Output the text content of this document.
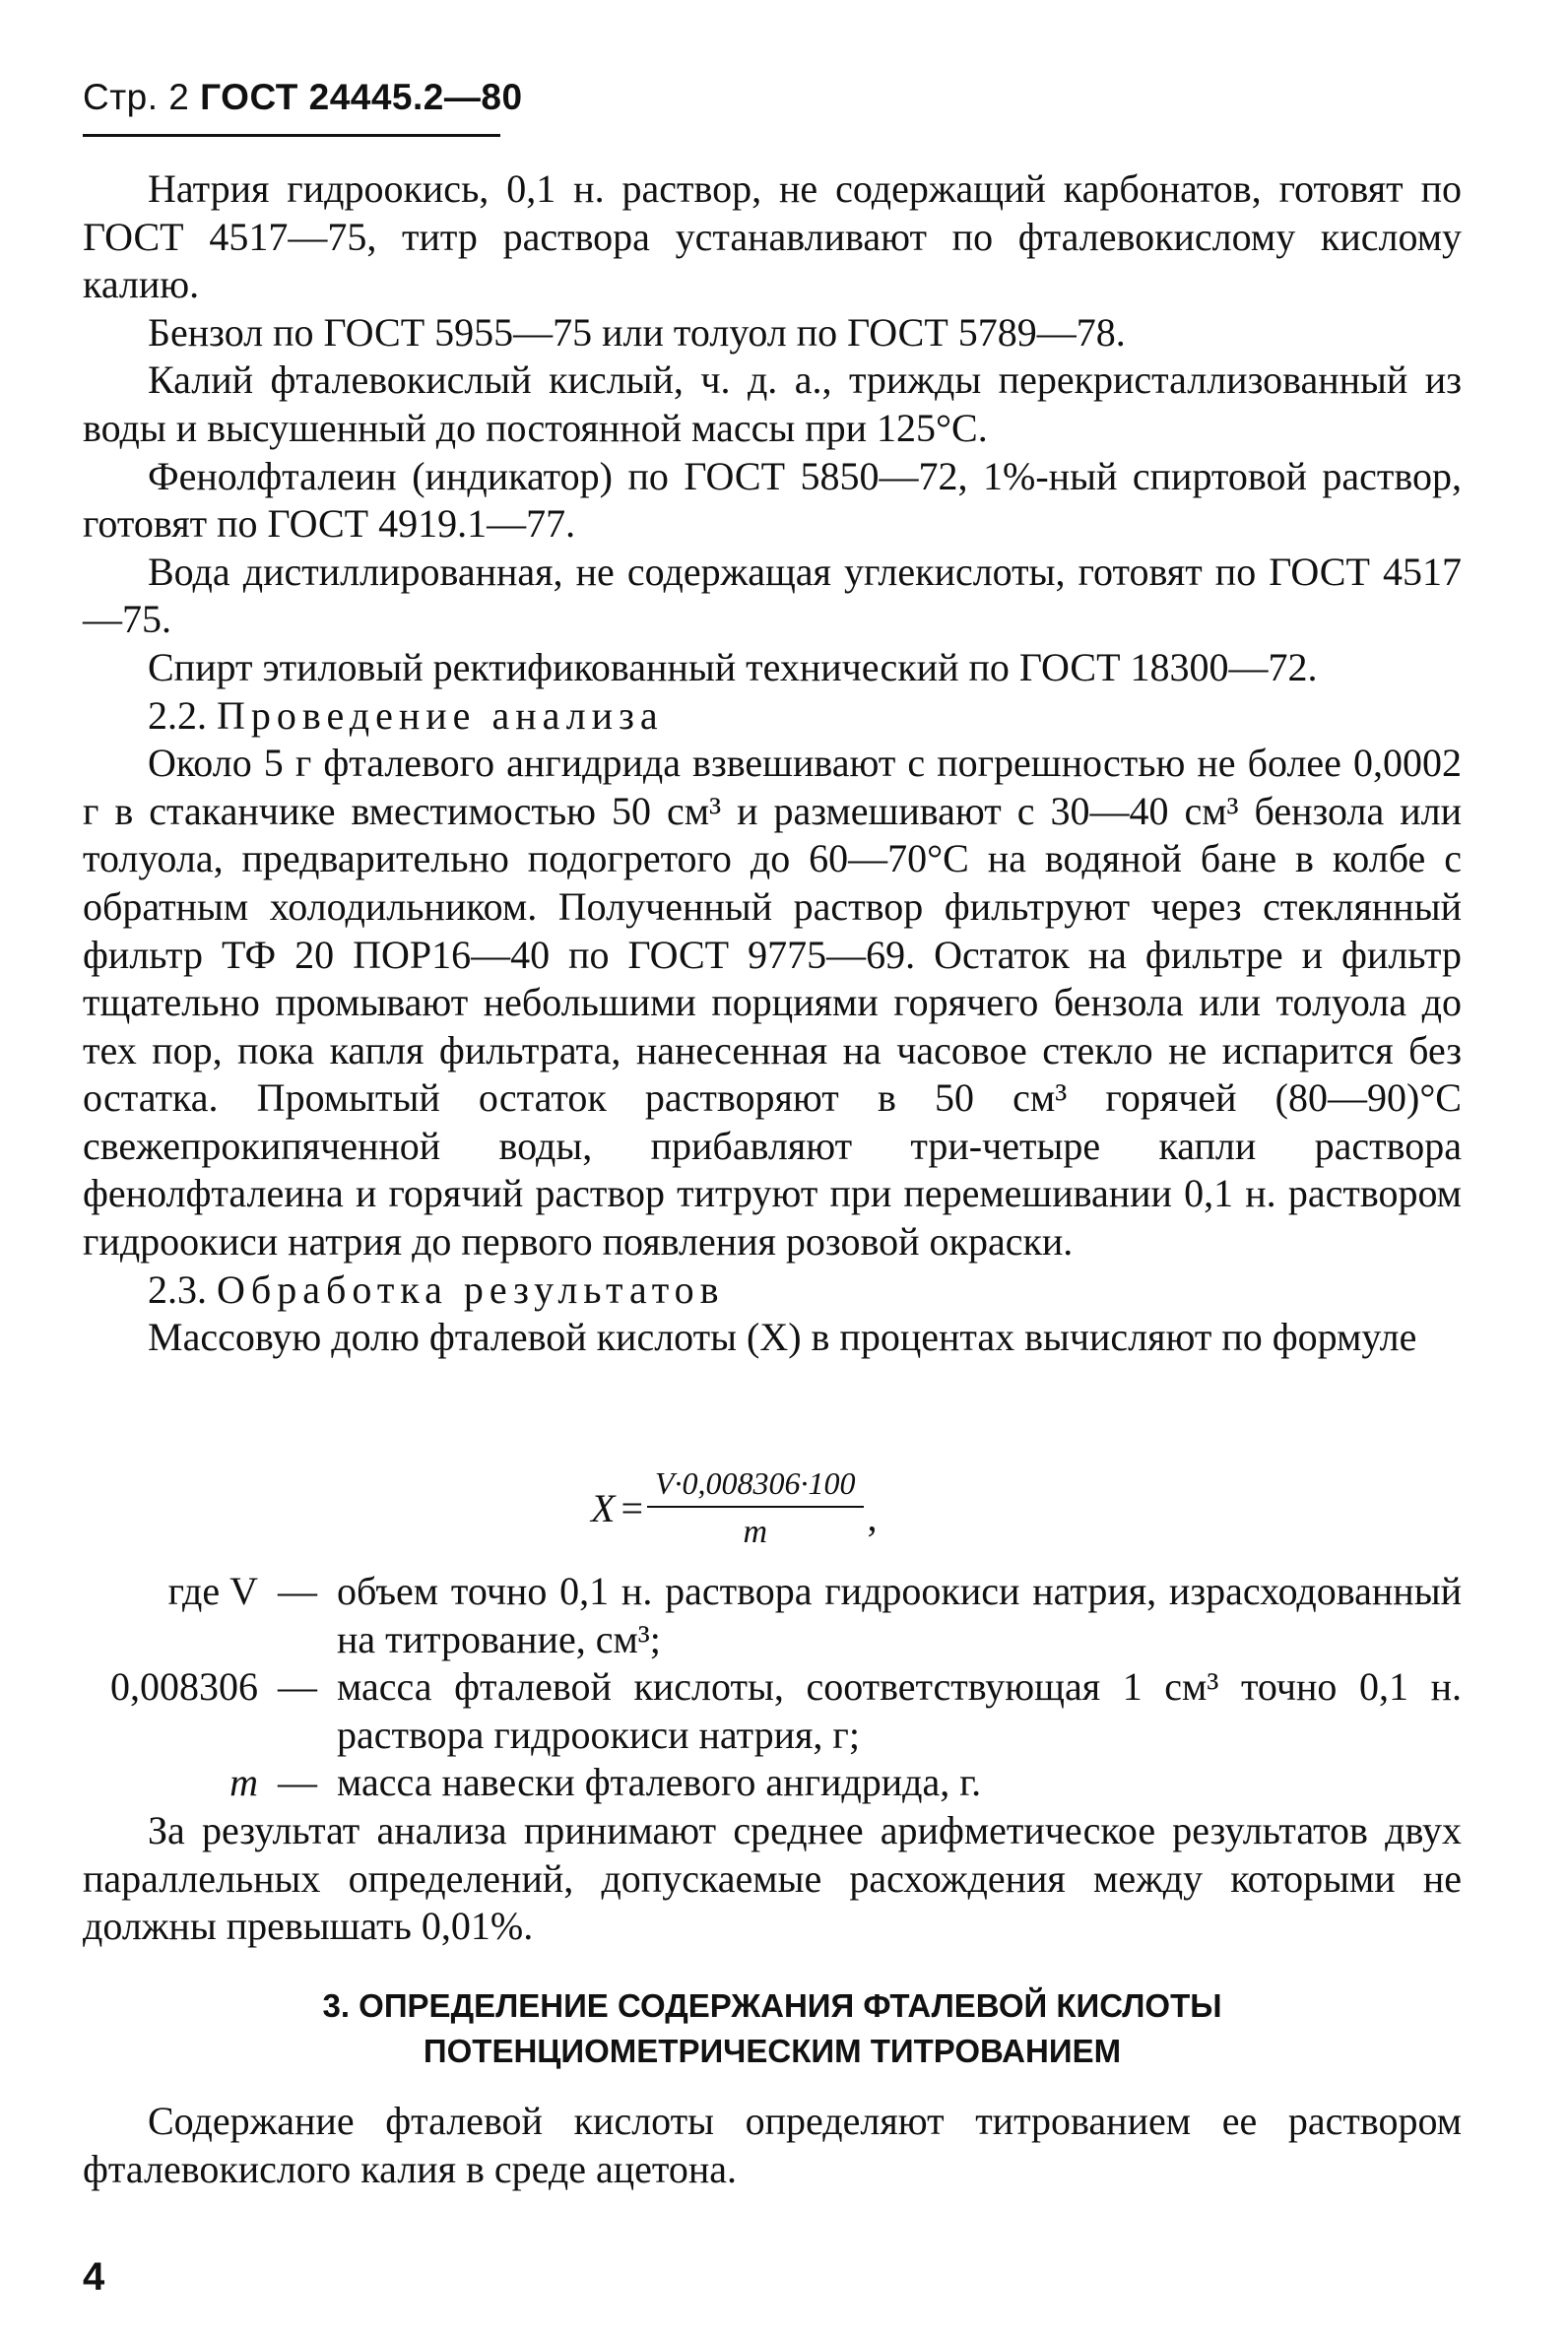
Стр. 2 ГОСТ 24445.2—80

Натрия гидроокись, 0,1 н. раствор, не содержащий карбонатов, готовят по ГОСТ 4517—75, титр раствора устанавливают по фталевокислому кислому калию.

Бензол по ГОСТ 5955—75 или толуол по ГОСТ 5789—78.

Калий фталевокислый кислый, ч. д. а., трижды перекристаллизованный из воды и высушенный до постоянной массы при 125°С.

Фенолфталеин (индикатор) по ГОСТ 5850—72, 1%-ный спиртовой раствор, готовят по ГОСТ 4919.1—77.

Вода дистиллированная, не содержащая углекислоты, готовят по ГОСТ 4517—75.

Спирт этиловый ректификованный технический по ГОСТ 18300—72.

2.2. Проведение анализа

Около 5 г фталевого ангидрида взвешивают с погрешностью не более 0,0002 г в стаканчике вместимостью 50 см³ и размешивают с 30—40 см³ бензола или толуола, предварительно подогретого до 60—70°С на водяной бане в колбе с обратным холодильником. Полученный раствор фильтруют через стеклянный фильтр ТФ 20 ПОР16—40 по ГОСТ 9775—69. Остаток на фильтре и фильтр тщательно промывают небольшими порциями горячего бензола или толуола до тех пор, пока капля фильтрата, нанесенная на часовое стекло не испарится без остатка. Промытый остаток растворяют в 50 см³ горячей (80—90)°С свежепрокипяченной воды, прибавляют три-четыре капли раствора фенолфталеина и горячий раствор титруют при перемешивании 0,1 н. раствором гидроокиси натрия до первого появления розовой окраски.

2.3. Обработка результатов

Массовую долю фталевой кислоты (X) в процентах вычисляют по формуле

$X = \frac{V\cdot 0,008306\cdot 100}{m}$ ,
где V — объем точно 0,1 н. раствора гидроокиси натрия, израсходованный на титрование, см³;
0,008306 — масса фталевой кислоты, соответствующая 1 см³ точно 0,1 н. раствора гидроокиси натрия, г;
m — масса навески фталевого ангидрида, г.

За результат анализа принимают среднее арифметическое результатов двух параллельных определений, допускаемые расхождения между которыми не должны превышать 0,01%.

3. ОПРЕДЕЛЕНИЕ СОДЕРЖАНИЯ ФТАЛЕВОЙ КИСЛОТЫ
ПОТЕНЦИОМЕТРИЧЕСКИМ ТИТРОВАНИЕМ

Содержание фталевой кислоты определяют титрованием ее раствором фталевокислого калия в среде ацетона.

4
